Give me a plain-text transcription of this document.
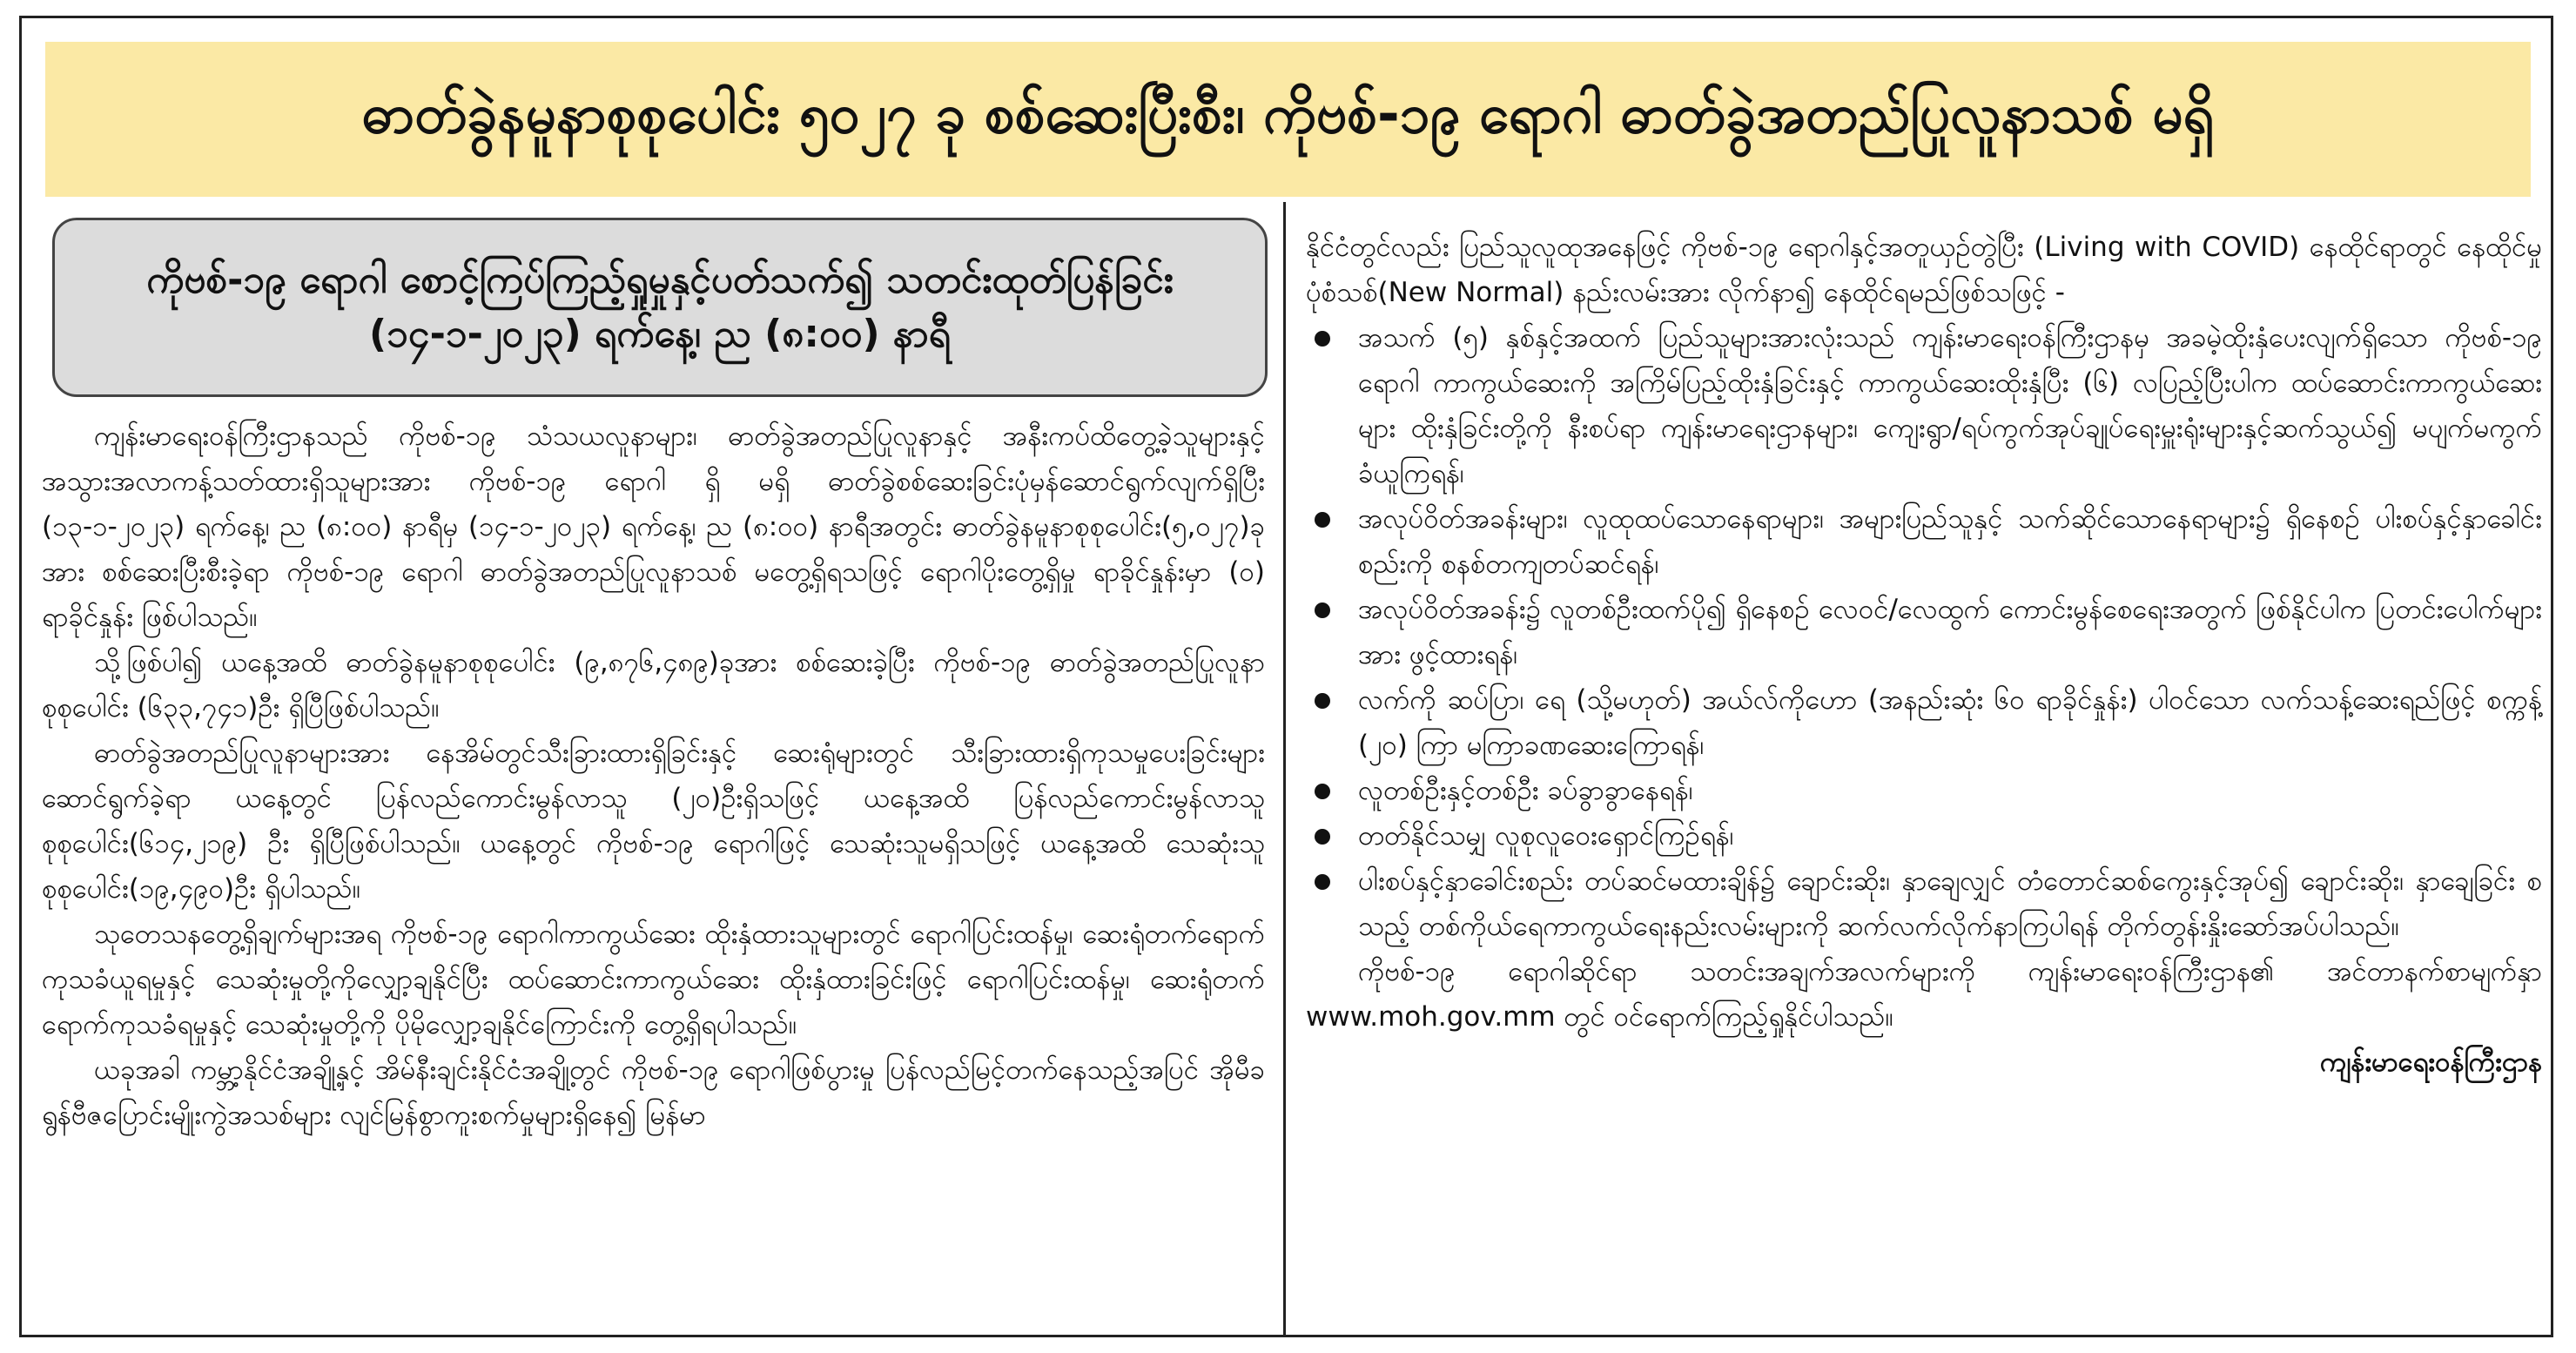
ဓာတ်ခွဲနမူနာစုစုပေါင်း ၅၀၂၇ ခု စစ်ဆေးပြီးစီး၊ ကိုဗစ်-၁၉ ရောဂါ ဓာတ်ခွဲအတည်ပြုလူနာသစ် မရှိ
ကိုဗစ်-၁၉ ရောဂါ စောင့်ကြပ်ကြည့်ရှုမှုနှင့်ပတ်သက်၍ သတင်းထုတ်ပြန်ခြင်း
(၁၄-၁-၂၀၂၃) ရက်နေ့၊ ည (၈:၀၀) နာရီ

ကျန်းမာရေးဝန်ကြီးဌာနသည် ကိုဗစ်-၁၉ သံသယလူနာများ၊ ဓာတ်ခွဲအတည်ပြုလူနာနှင့် အနီးကပ်ထိတွေ့ခဲ့သူများနှင့် အသွားအလာကန့်သတ်ထားရှိသူများအား ကိုဗစ်-၁၉ ရောဂါ ရှိ မရှိ ဓာတ်ခွဲစစ်ဆေးခြင်းပုံမှန်ဆောင်ရွက်လျက်ရှိပြီး (၁၃-၁-၂၀၂၃) ရက်နေ့၊ ည (၈:၀၀) နာရီမှ (၁၄-၁-၂၀၂၃) ရက်နေ့၊ ည (၈:၀၀) နာရီအတွင်း ဓာတ်ခွဲနမူနာစုစုပေါင်း(၅,၀၂၇)ခုအား စစ်ဆေးပြီးစီးခဲ့ရာ ကိုဗစ်-၁၉ ရောဂါ ဓာတ်ခွဲအတည်ပြုလူနာသစ် မတွေ့ရှိရသဖြင့် ရောဂါပိုးတွေ့ရှိမှု ရာခိုင်နှုန်းမှာ (၀) ရာခိုင်နှုန်း ဖြစ်ပါသည်။

သို့ဖြစ်ပါ၍ ယနေ့အထိ ဓာတ်ခွဲနမူနာစုစုပေါင်း (၉,၈၇၆,၄၈၉)ခုအား စစ်ဆေးခဲ့ပြီး ကိုဗစ်-၁၉ ဓာတ်ခွဲအတည်ပြုလူနာ စုစုပေါင်း (၆၃၃,၇၄၁)ဦး ရှိပြီဖြစ်ပါသည်။

ဓာတ်ခွဲအတည်ပြုလူနာများအား နေအိမ်တွင်သီးခြားထားရှိခြင်းနှင့် ဆေးရုံများတွင် သီးခြားထားရှိကုသမှုပေးခြင်းများဆောင်ရွက်ခဲ့ရာ ယနေ့တွင် ပြန်လည်ကောင်းမွန်လာသူ (၂၀)ဦးရှိသဖြင့် ယနေ့အထိ ပြန်လည်ကောင်းမွန်လာသူ စုစုပေါင်း(၆၁၄,၂၁၉) ဦး ရှိပြီဖြစ်ပါသည်။ ယနေ့တွင် ကိုဗစ်-၁၉ ရောဂါဖြင့် သေဆုံးသူမရှိသဖြင့် ယနေ့အထိ သေဆုံးသူစုစုပေါင်း(၁၉,၄၉၀)ဦး ရှိပါသည်။

သုတေသနတွေ့ရှိချက်များအရ ကိုဗစ်-၁၉ ရောဂါကာကွယ်ဆေး ထိုးနှံထားသူများတွင် ရောဂါပြင်းထန်မှု၊ ဆေးရုံတက်ရောက်ကုသခံယူရမှုနှင့် သေဆုံးမှုတို့ကိုလျှော့ချနိုင်ပြီး ထပ်ဆောင်းကာကွယ်ဆေး ထိုးနှံထားခြင်းဖြင့် ရောဂါပြင်းထန်မှု၊ ဆေးရုံတက်ရောက်ကုသခံရမှုနှင့် သေဆုံးမှုတို့ကို ပိုမိုလျှော့ချနိုင်ကြောင်းကို တွေ့ရှိရပါသည်။

ယခုအခါ ကမ္ဘာ့နိုင်ငံအချို့နှင့် အိမ်နီးချင်းနိုင်ငံအချို့တွင် ကိုဗစ်-၁၉ ရောဂါဖြစ်ပွားမှု ပြန်လည်မြင့်တက်နေသည့်အပြင် အိုမီခရွန်ဗီဇပြောင်းမျိုးကွဲအသစ်များ လျင်မြန်စွာကူးစက်မှုများရှိနေ၍ မြန်မာ

နိုင်ငံတွင်လည်း ပြည်သူလူထုအနေဖြင့် ကိုဗစ်-၁၉ ရောဂါနှင့်အတူယှဉ်တွဲပြီး (Living with COVID) နေထိုင်ရာတွင် နေထိုင်မှုပုံစံသစ်(New Normal) နည်းလမ်းအား လိုက်နာ၍ နေထိုင်ရမည်ဖြစ်သဖြင့် -

အသက် (၅) နှစ်နှင့်အထက် ပြည်သူများအားလုံးသည် ကျန်းမာရေးဝန်ကြီးဌာနမှ အခမဲ့ထိုးနှံပေးလျက်ရှိသော ကိုဗစ်-၁၉ ရောဂါ ကာကွယ်ဆေးကို အကြိမ်ပြည့်ထိုးနှံခြင်းနှင့် ကာကွယ်ဆေးထိုးနှံပြီး (၆) လပြည့်ပြီးပါက ထပ်ဆောင်းကာကွယ်ဆေးများ ထိုးနှံခြင်းတို့ကို နီးစပ်ရာ ကျန်းမာရေးဌာနများ၊ ကျေးရွာ/ရပ်ကွက်အုပ်ချုပ်ရေးမှူးရုံးများနှင့်ဆက်သွယ်၍ မပျက်မကွက် ခံယူကြရန်၊
အလုပ်ဝိတ်အခန်းများ၊ လူထုထပ်သောနေရာများ၊ အများပြည်သူနှင့် သက်ဆိုင်သောနေရာများ၌ ရှိနေစဉ် ပါးစပ်နှင့်နှာခေါင်းစည်းကို စနစ်တကျတပ်ဆင်ရန်၊
အလုပ်ဝိတ်အခန်း၌ လူတစ်ဦးထက်ပို၍ ရှိနေစဉ် လေဝင်/လေထွက် ကောင်းမွန်စေရေးအတွက် ဖြစ်နိုင်ပါက ပြတင်းပေါက်များအား ဖွင့်ထားရန်၊
လက်ကို ဆပ်ပြာ၊ ရေ (သို့မဟုတ်) အယ်လ်ကိုဟော (အနည်းဆုံး ၆၀ ရာခိုင်နှုန်း) ပါဝင်သော လက်သန့်ဆေးရည်ဖြင့် စက္ကန့် (၂၀) ကြာ မကြာခဏဆေးကြောရန်၊
လူတစ်ဦးနှင့်တစ်ဦး ခပ်ခွာခွာနေရန်၊
တတ်နိုင်သမျှ လူစုလူဝေးရှောင်ကြဉ်ရန်၊
ပါးစပ်နှင့်နှာခေါင်းစည်း တပ်ဆင်မထားချိန်၌ ချောင်းဆိုး၊ နှာချေလျှင် တံတောင်ဆစ်ကွေးနှင့်အုပ်၍ ချောင်းဆိုး၊ နှာချေခြင်း စသည့် တစ်ကိုယ်ရေကာကွယ်ရေးနည်းလမ်းများကို ဆက်လက်လိုက်နာကြပါရန် တိုက်တွန်းနှိုးဆော်အပ်ပါသည်။

ကိုဗစ်-၁၉ ရောဂါဆိုင်ရာ သတင်းအချက်အလက်များကို ကျန်းမာရေးဝန်ကြီးဌာန၏ အင်တာနက်စာမျက်နှာ www.moh.gov.mm တွင် ဝင်ရောက်ကြည့်ရှုနိုင်ပါသည်။

ကျန်းမာရေးဝန်ကြီးဌာန
